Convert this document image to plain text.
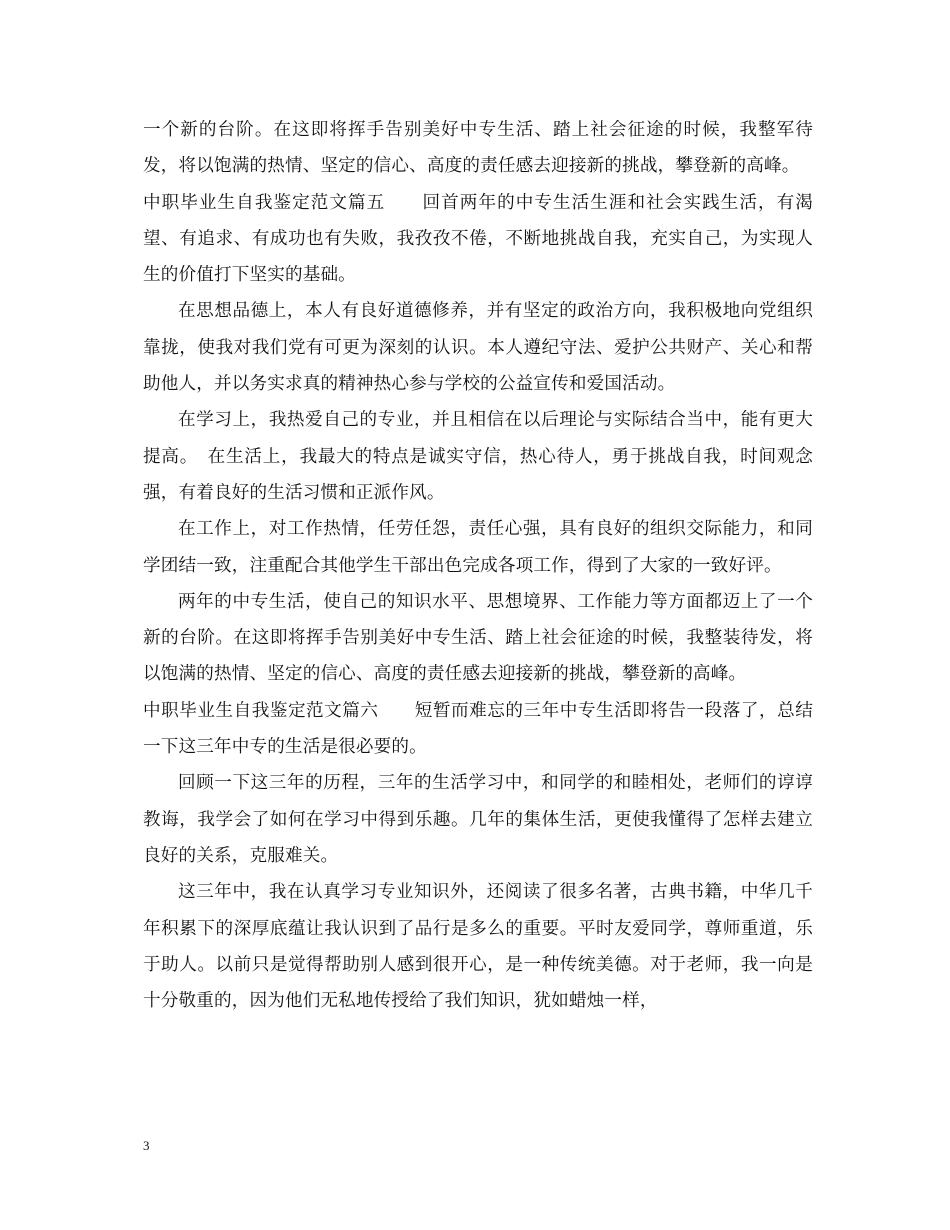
一个新的台阶。在这即将挥手告别美好中专生活、踏上社会征途的时候，我整军待发，将以饱满的热情、坚定的信心、高度的责任感去迎接新的挑战，攀登新的高峰。

中职毕业生自我鉴定范文篇五　　回首两年的中专生活生涯和社会实践生活，有渴望、有追求、有成功也有失败，我孜孜不倦，不断地挑战自我，充实自己，为实现人生的价值打下坚实的基础。

在思想品德上，本人有良好道德修养，并有坚定的政治方向，我积极地向党组织靠拢，使我对我们党有可更为深刻的认识。本人遵纪守法、爱护公共财产、关心和帮助他人，并以务实求真的精神热心参与学校的公益宣传和爱国活动。

在学习上，我热爱自己的专业，并且相信在以后理论与实际结合当中，能有更大提高。　在生活上，我最大的特点是诚实守信，热心待人，勇于挑战自我，时间观念强，有着良好的生活习惯和正派作风。

在工作上，对工作热情，任劳任怨，责任心强，具有良好的组织交际能力，和同学团结一致，注重配合其他学生干部出色完成各项工作，得到了大家的一致好评。

两年的中专生活，使自己的知识水平、思想境界、工作能力等方面都迈上了一个新的台阶。在这即将挥手告别美好中专生活、踏上社会征途的时候，我整装待发，将以饱满的热情、坚定的信心、高度的责任感去迎接新的挑战，攀登新的高峰。

中职毕业生自我鉴定范文篇六　　短暂而难忘的三年中专生活即将告一段落了，总结一下这三年中专的生活是很必要的。

回顾一下这三年的历程，三年的生活学习中，和同学的和睦相处，老师们的谆谆教诲，我学会了如何在学习中得到乐趣。几年的集体生活，更使我懂得了怎样去建立良好的关系，克服难关。

这三年中，我在认真学习专业知识外，还阅读了很多名著，古典书籍，中华几千年积累下的深厚底蕴让我认识到了品行是多么的重要。平时友爱同学，尊师重道，乐于助人。以前只是觉得帮助别人感到很开心，是一种传统美德。对于老师，我一向是十分敬重的，因为他们无私地传授给了我们知识，犹如蜡烛一样，

3
